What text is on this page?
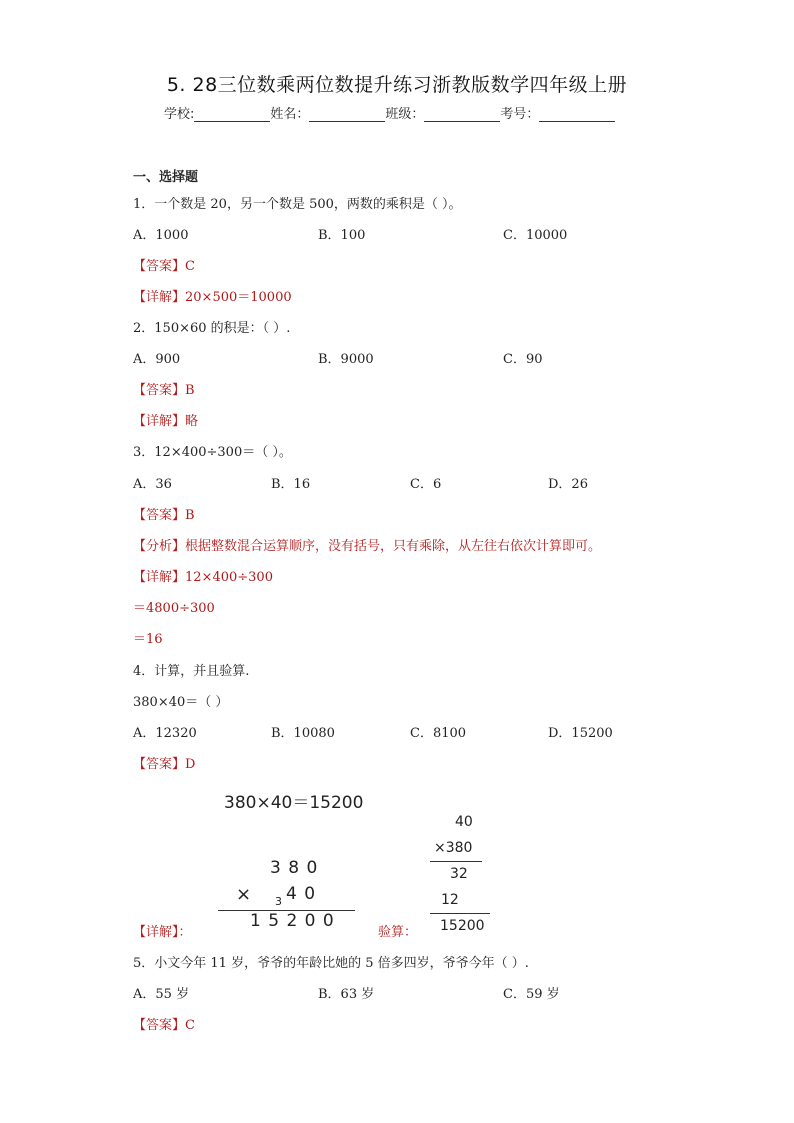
5. 28三位数乘两位数提升练习浙教版数学四年级上册
学校:	姓名：	班级：	考号：
一、选择题
1．一个数是 20，另一个数是 500，两数的乘积是（ ）。
A．1000	B．100	C．10000
【答案】C
【详解】20×500＝10000
2．150×60 的积是：（ ）.
A．900	B．9000	C．90
【答案】B
【详解】略
3．12×400÷300＝（ ）。
A．36	B．16	C．6	D．26
【答案】B
【分析】根据整数混合运算顺序，没有括号，只有乘除，从左往右依次计算即可。
【详解】12×400÷300
＝4800÷300
＝16
4．计算，并且验算.
380×40＝（ ）
A．12320	B．10080	C．8100	D．15200
【答案】D
380×40＝15200
3 8 0
× 3 4 0
1 5 2 0 0
【详解】：	验算：
40
×380
32
12
15200
5．小文今年 11 岁，爷爷的年龄比她的 5 倍多四岁，爷爷今年（ ）.
A．55 岁	B．63 岁	C．59 岁
【答案】C
